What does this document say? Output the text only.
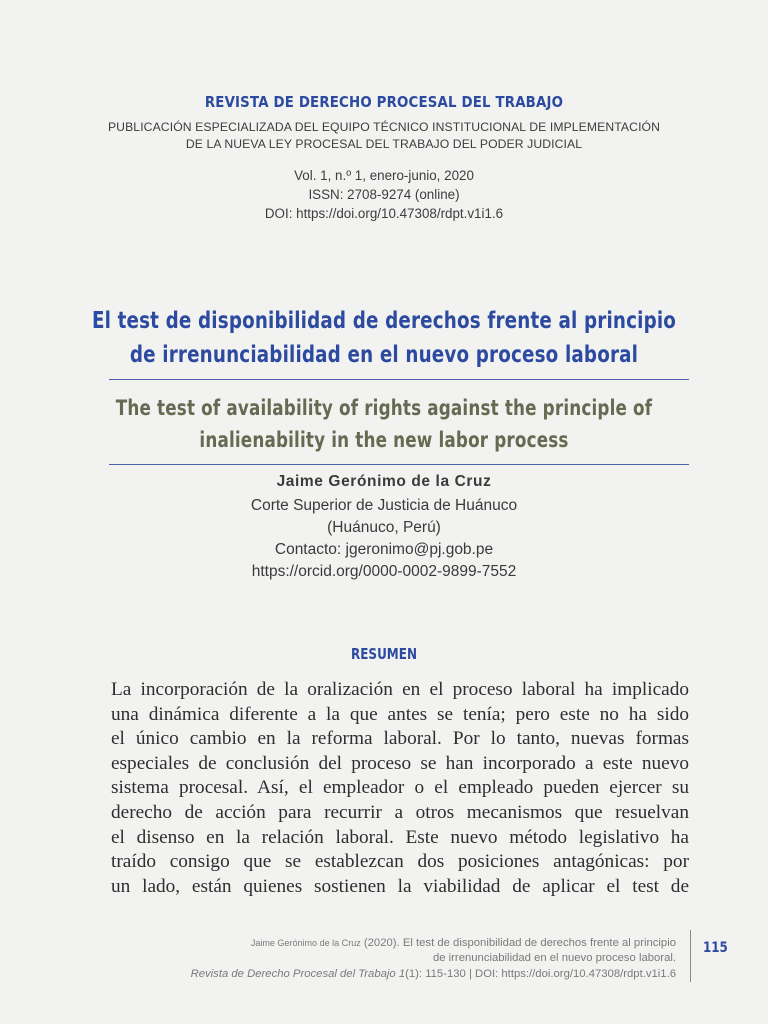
REVISTA DE DERECHO PROCESAL DEL TRABAJO
PUBLICACIÓN ESPECIALIZADA DEL EQUIPO TÉCNICO INSTITUCIONAL DE IMPLEMENTACIÓN
DE LA NUEVA LEY PROCESAL DEL TRABAJO DEL PODER JUDICIAL
Vol. 1, n.º 1, enero-junio, 2020
ISSN: 2708-9274 (online)
DOI: https://doi.org/10.47308/rdpt.v1i1.6
El test de disponibilidad de derechos frente al principio
de irrenunciabilidad en el nuevo proceso laboral
The test of availability of rights against the principle of
inalienability in the new labor process
Jaime Gerónimo de la Cruz
Corte Superior de Justicia de Huánuco
(Huánuco, Perú)
Contacto: jgeronimo@pj.gob.pe
https://orcid.org/0000-0002-9899-7552
RESUMEN
La incorporación de la oralización en el proceso laboral ha implicado
una dinámica diferente a la que antes se tenía; pero este no ha sido
el único cambio en la reforma laboral. Por lo tanto, nuevas formas
especiales de conclusión del proceso se han incorporado a este nuevo
sistema procesal. Así, el empleador o el empleado pueden ejercer su
derecho de acción para recurrir a otros mecanismos que resuelvan
el disenso en la relación laboral. Este nuevo método legislativo ha
traído consigo que se establezcan dos posiciones antagónicas: por
un lado, están quienes sostienen la viabilidad de aplicar el test de
Jaime Gerónimo de la Cruz (2020). El test de disponibilidad de derechos frente al principio
de irrenunciabilidad en el nuevo proceso laboral.
Revista de Derecho Procesal del Trabajo 1(1): 115-130 | DOI: https://doi.org/10.47308/rdpt.v1i1.6
115
